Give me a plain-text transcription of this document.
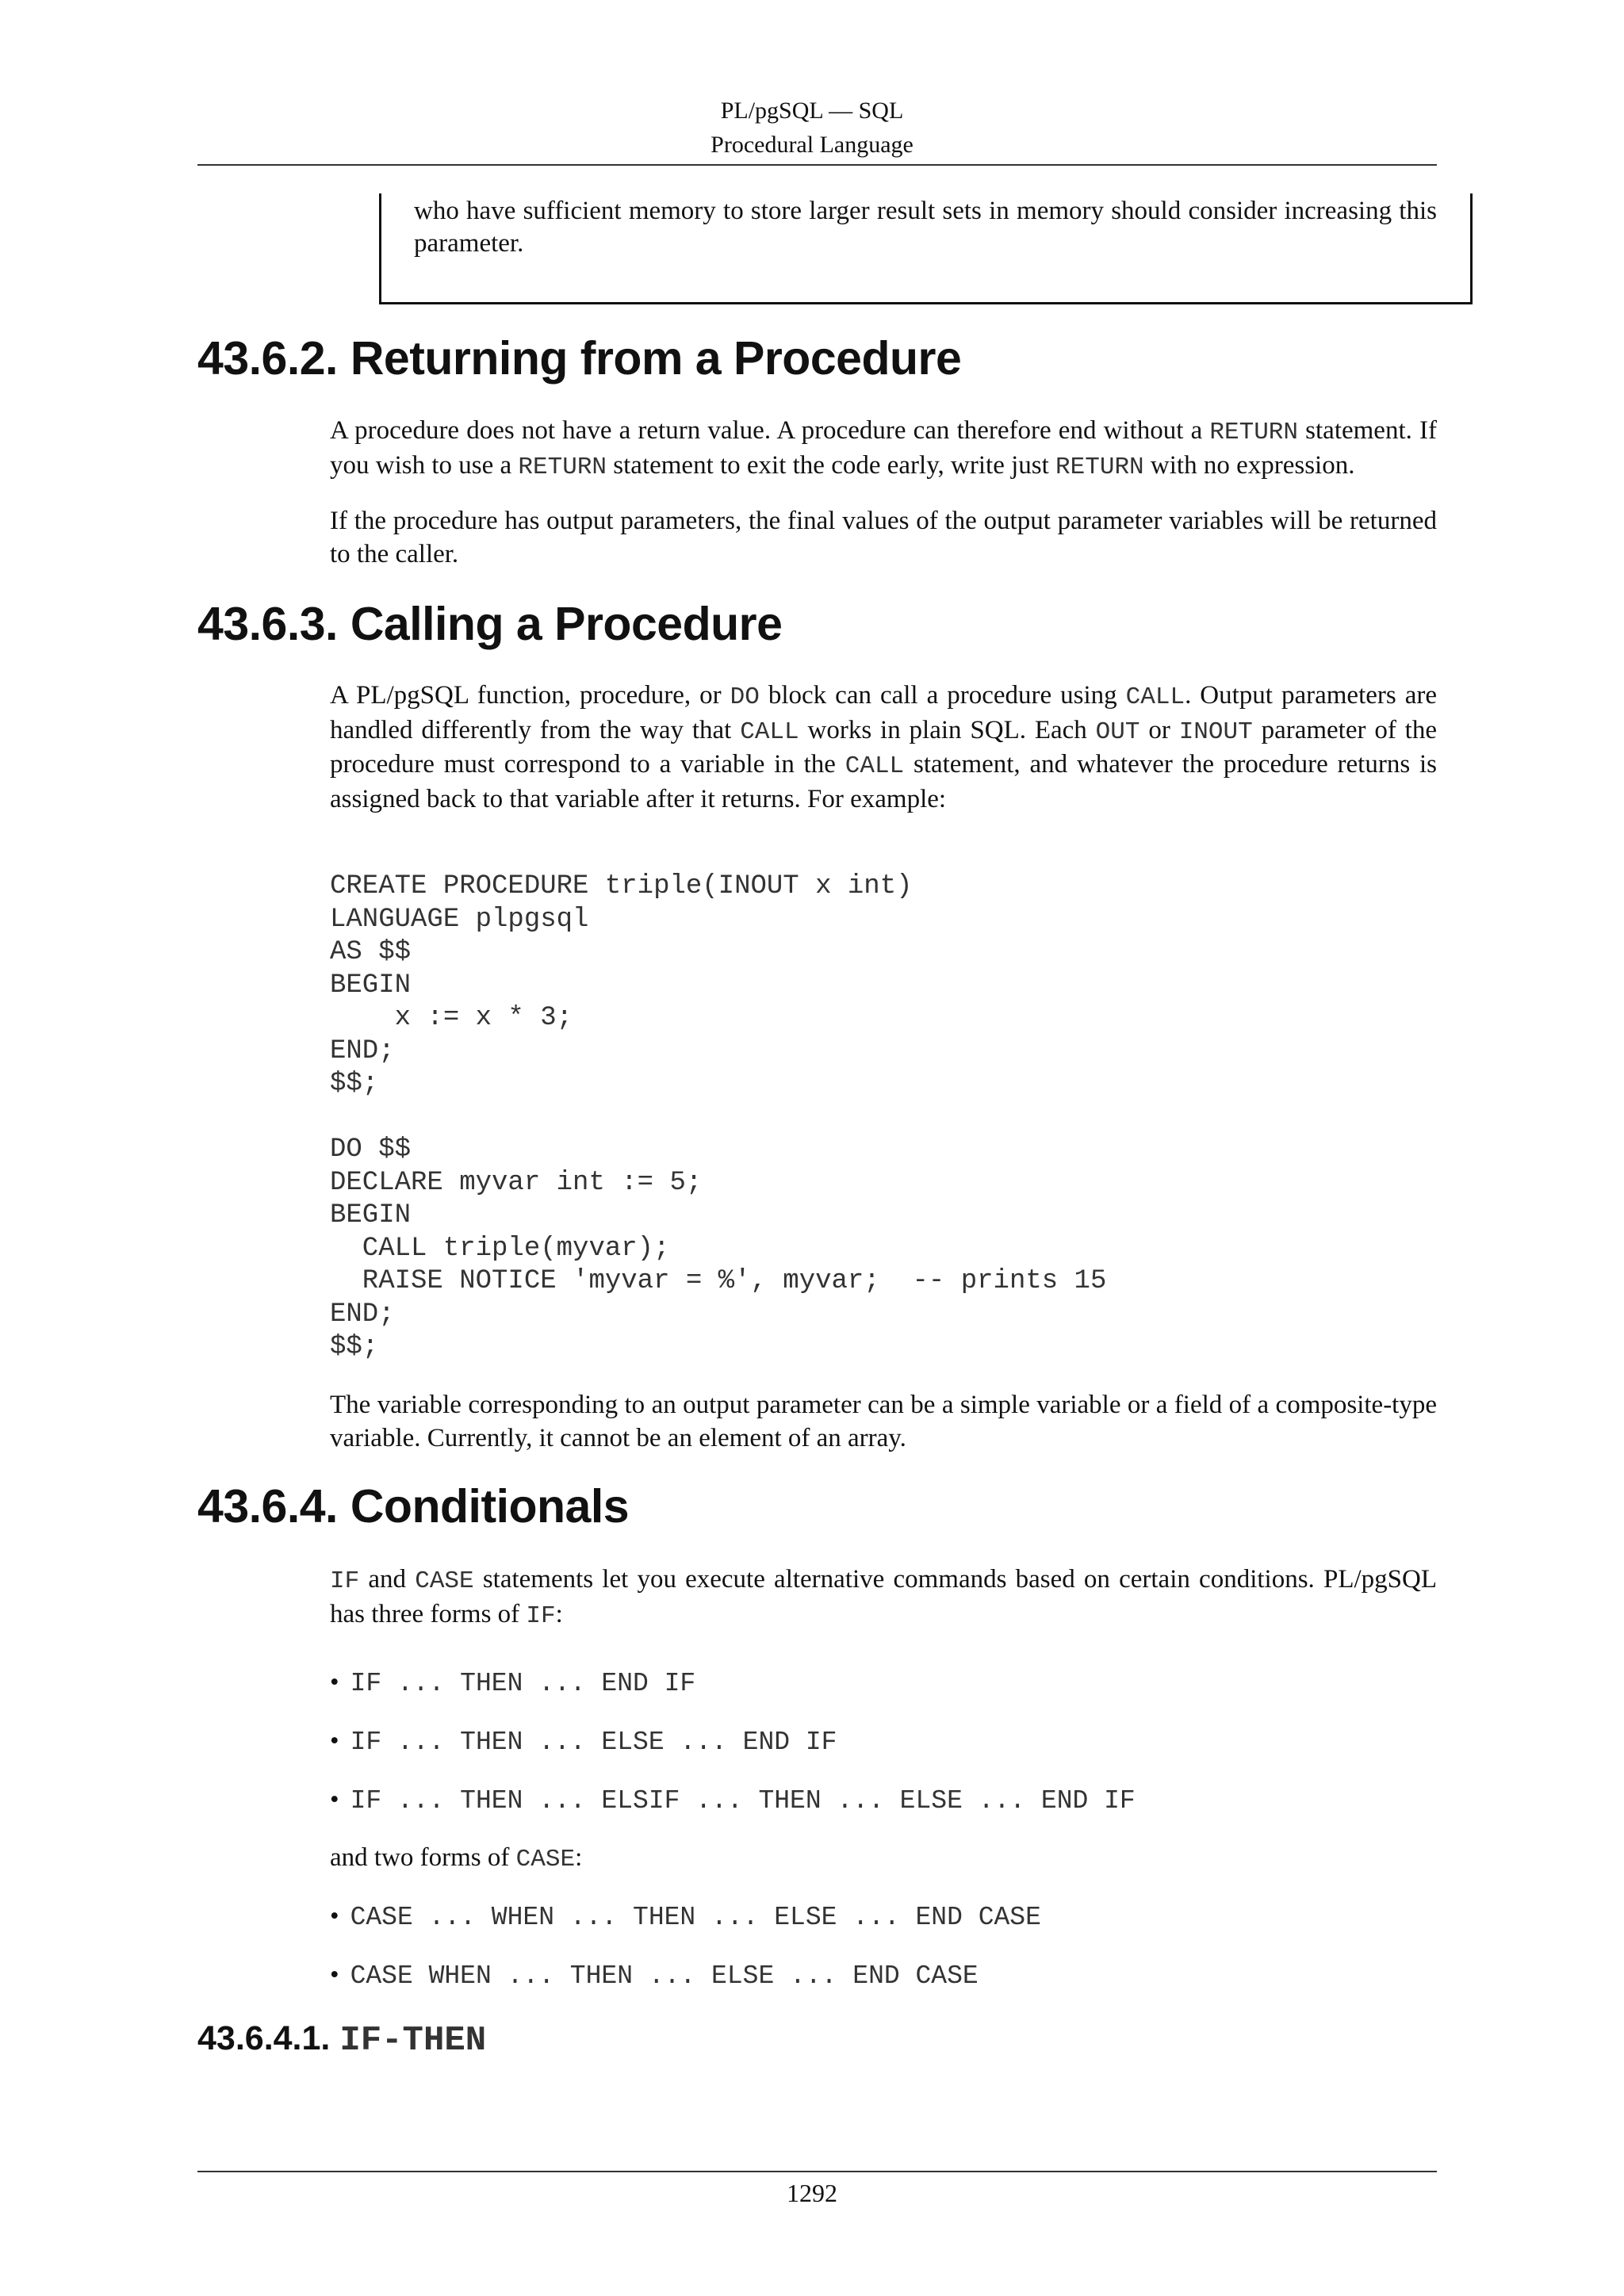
PL/pgSQL — SQL
Procedural Language
who have sufficient memory to store larger result sets in memory should consider increasing this parameter.
43.6.2. Returning from a Procedure

A procedure does not have a return value. A procedure can therefore end without a RETURN statement. If you wish to use a RETURN statement to exit the code early, write just RETURN with no expression.

If the procedure has output parameters, the final values of the output parameter variables will be returned to the caller.

43.6.3. Calling a Procedure

A PL/pgSQL function, procedure, or DO block can call a procedure using CALL. Output parameters are handled differently from the way that CALL works in plain SQL. Each OUT or INOUT parameter of the procedure must correspond to a variable in the CALL statement, and whatever the procedure returns is assigned back to that variable after it returns. For example:

CREATE PROCEDURE triple(INOUT x int)
LANGUAGE plpgsql
AS $$
BEGIN
x := x * 3;
END;
$$;

DO $$
DECLARE myvar int := 5;
BEGIN
CALL triple(myvar);
RAISE NOTICE 'myvar = %', myvar;  -- prints 15
END;
$$;

The variable corresponding to an output parameter can be a simple variable or a field of a composite-type variable. Currently, it cannot be an element of an array.

43.6.4. Conditionals

IF and CASE statements let you execute alternative commands based on certain conditions. PL/pgSQL has three forms of IF:

• IF ... THEN ... END IF
• IF ... THEN ... ELSE ... END IF
• IF ... THEN ... ELSIF ... THEN ... ELSE ... END IF

and two forms of CASE:

• CASE ... WHEN ... THEN ... ELSE ... END CASE
• CASE WHEN ... THEN ... ELSE ... END CASE
43.6.4.1. IF-THEN
1292
